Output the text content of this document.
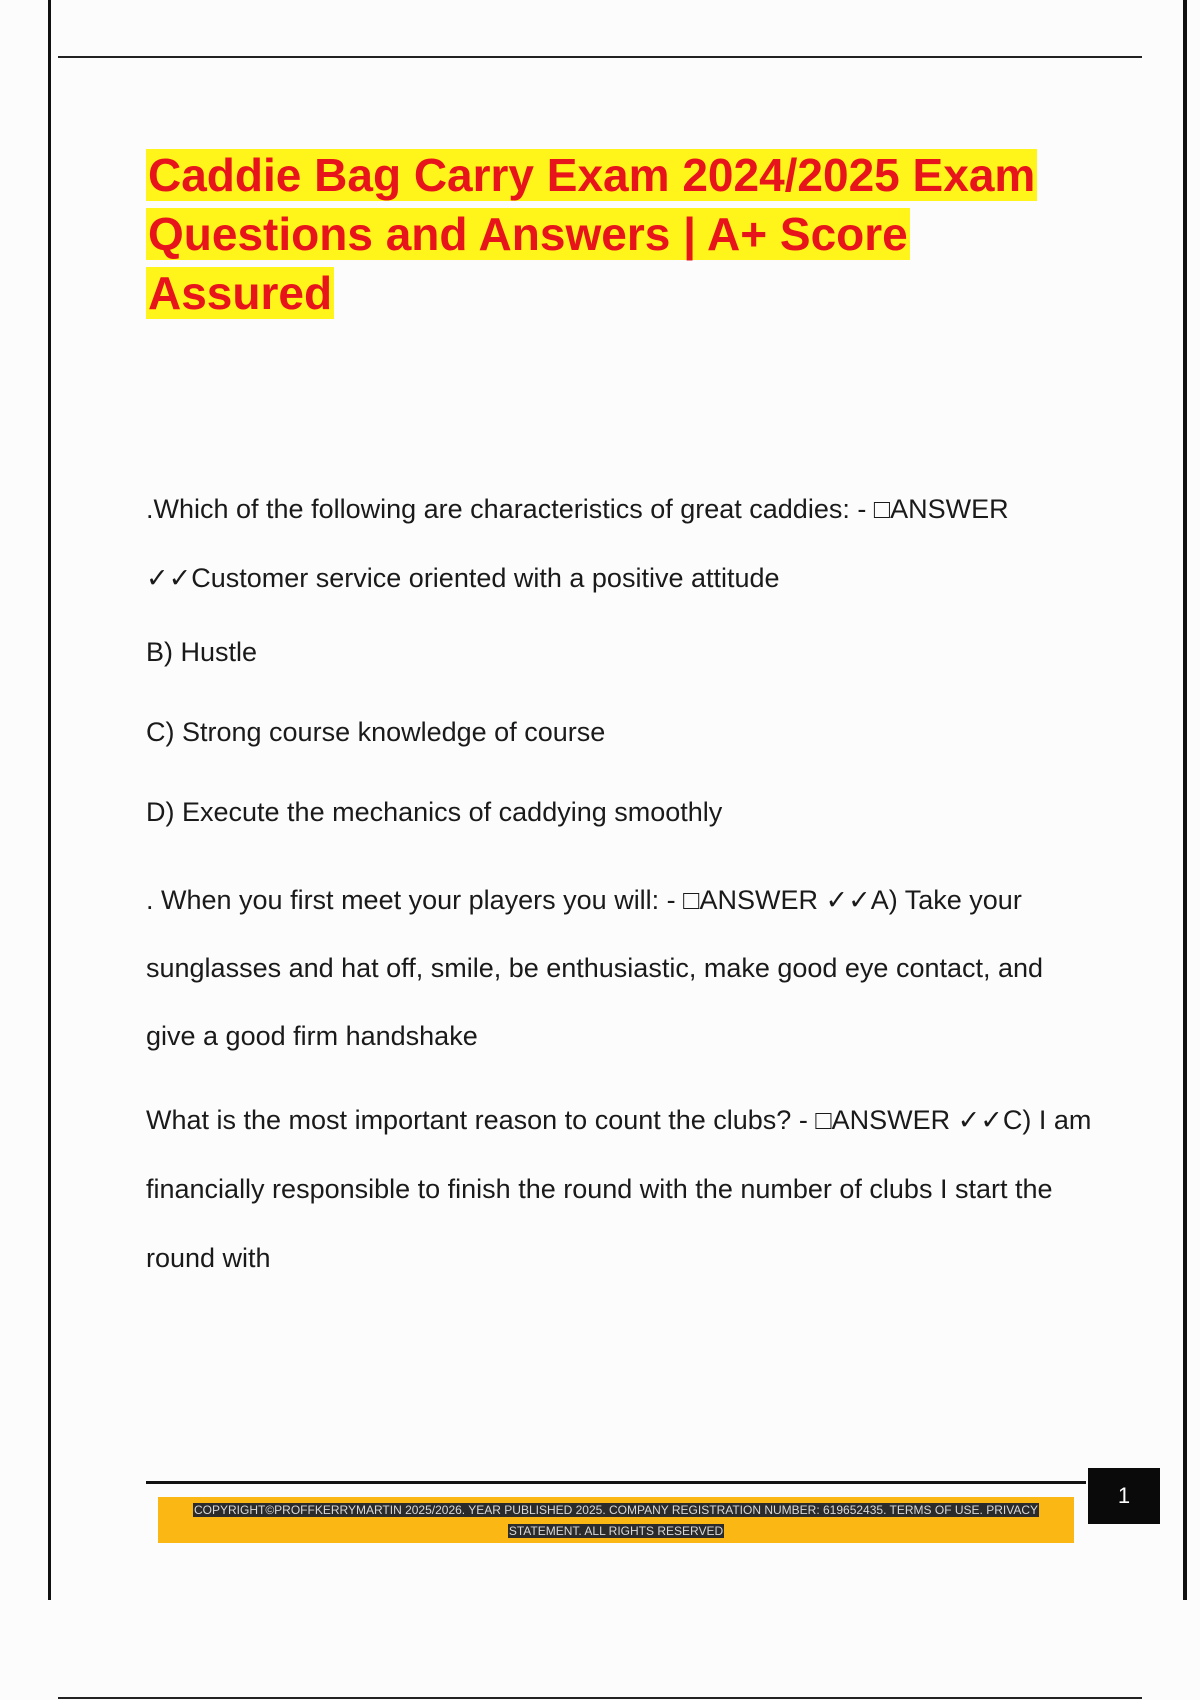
Caddie Bag Carry Exam 2024/2025 Exam Questions and Answers | A+ Score Assured

.Which of the following are characteristics of great caddies: - □ANSWER ✓✓Customer service oriented with a positive attitude

B) Hustle

C) Strong course knowledge of course

D) Execute the mechanics of caddying smoothly

. When you first meet your players you will: - □ANSWER ✓✓A) Take your sunglasses and hat off, smile, be enthusiastic, make good eye contact, and give a good firm handshake

What is the most important reason to count the clubs? - □ANSWER ✓✓C) I am financially responsible to finish the round with the number of clubs I start the round with

1
COPYRIGHT©PROFFKERRYMARTIN 2025/2026. YEAR PUBLISHED 2025. COMPANY REGISTRATION NUMBER: 619652435. TERMS OF USE. PRIVACY STATEMENT. ALL RIGHTS RESERVED
